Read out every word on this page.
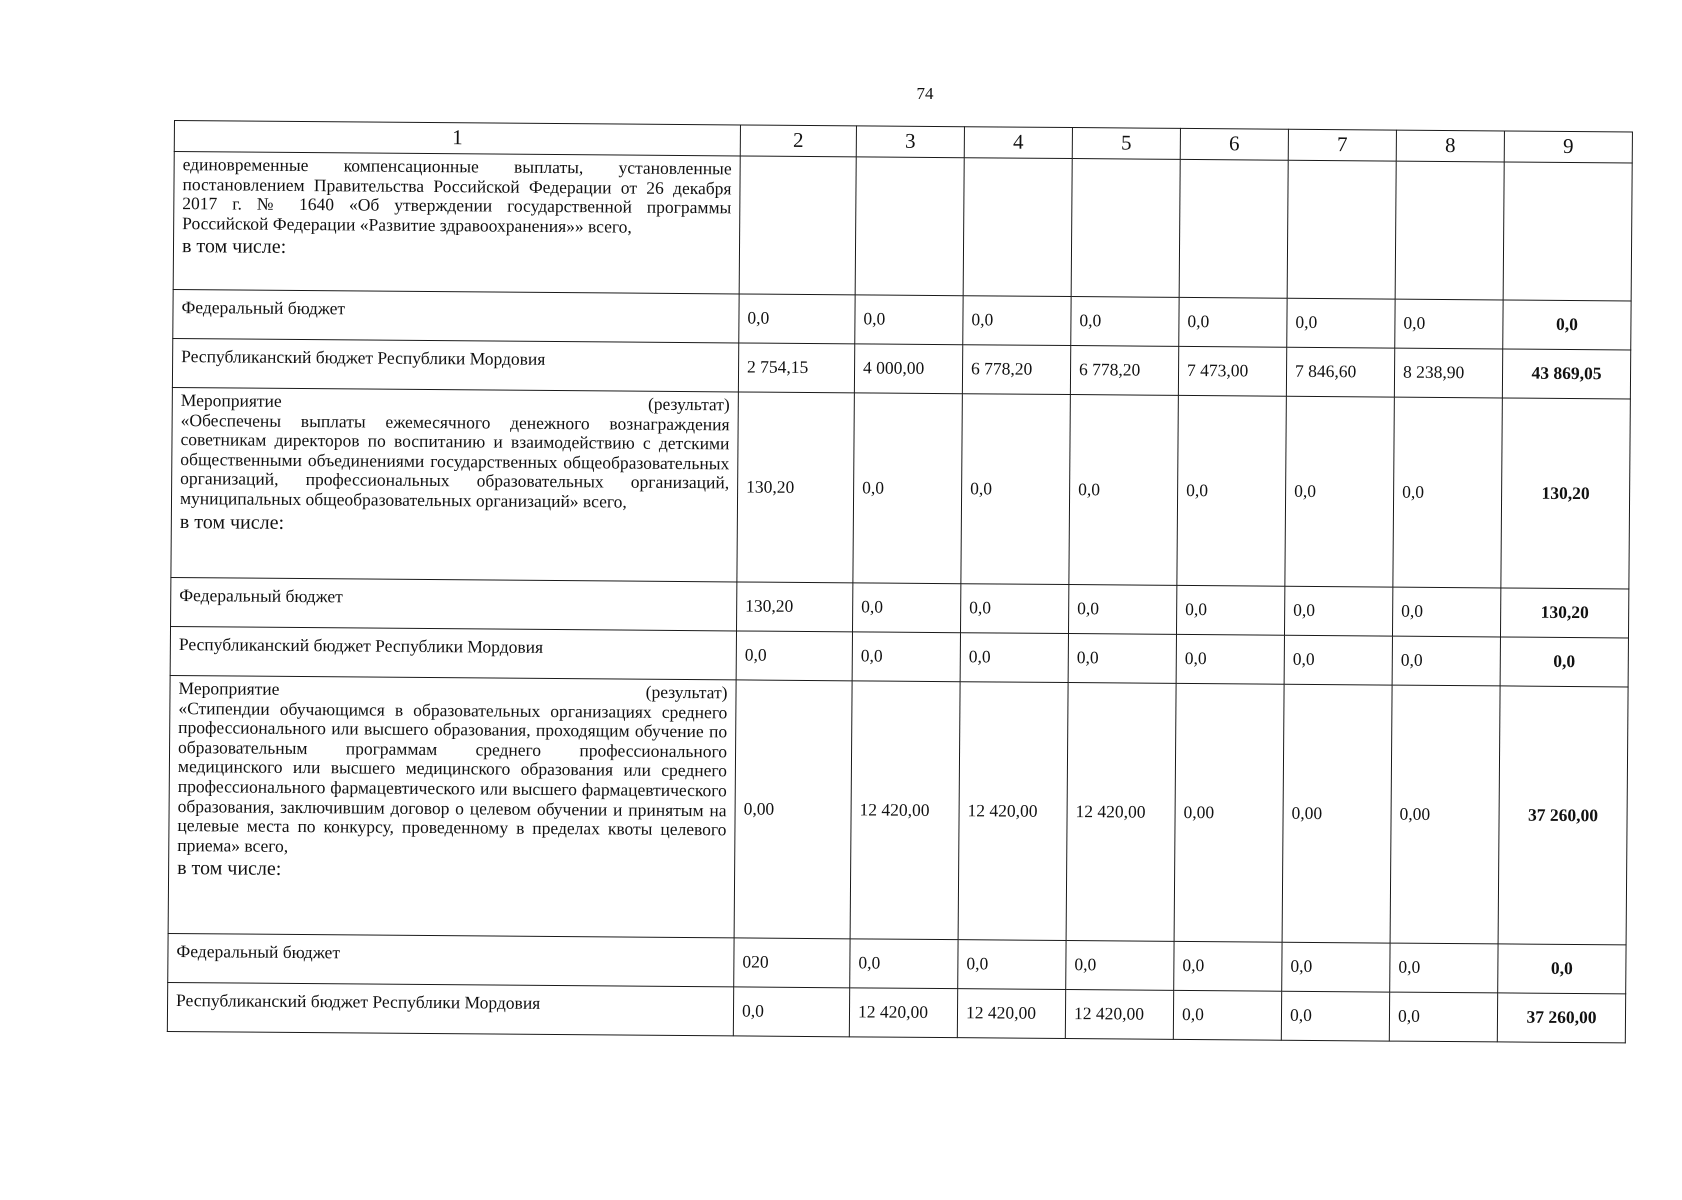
74
1	2	3	4	5	6	7	8	9

единовременные компенсационные выплаты, установленные постановлением Правительства Российской Федерации от 26 декабря 2017 г. № 1640 «Об утверждении государственной программы Российской Федерации «Развитие здравоохранения»» всего,
в том числе:								

Федеральный бюджет	0,0	0,0	0,0	0,0	0,0	0,0	0,0	0,0
Республиканский бюджет Республики Мордовия	2 754,15	4 000,00	6 778,20	6 778,20	7 473,00	7 846,60	8 238,90	43 869,05

Мероприятие (результат)
«Обеспечены выплаты ежемесячного денежного вознаграждения советникам директоров по воспитанию и взаимодействию с детскими общественными объединениями государственных общеобразовательных организаций, профессиональных образовательных организаций, муниципальных общеобразовательных организаций» всего,
в том числе:	130,20	0,0	0,0	0,0	0,0	0,0	0,0	130,20
Федеральный бюджет	130,20	0,0	0,0	0,0	0,0	0,0	0,0	130,20
Республиканский бюджет Республики Мордовия	0,0	0,0	0,0	0,0	0,0	0,0	0,0	0,0

Мероприятие (результат)
«Стипендии обучающимся в образовательных организациях среднего профессионального или высшего образования, проходящим обучение по образовательным программам среднего профессионального медицинского или высшего медицинского образования или среднего профессионального фармацевтического или высшего фармацевтического образования, заключившим договор о целевом обучении и принятым на целевые места по конкурсу, проведенному в пределах квоты целевого приема» всего,
в том числе:	0,00	12 420,00	12 420,00	12 420,00	0,00	0,00	0,00	37 260,00
Федеральный бюджет	020	0,0	0,0	0,0	0,0	0,0	0,0	0,0
Республиканский бюджет Республики Мордовия	0,0	12 420,00	12 420,00	12 420,00	0,0	0,0	0,0	37 260,00
